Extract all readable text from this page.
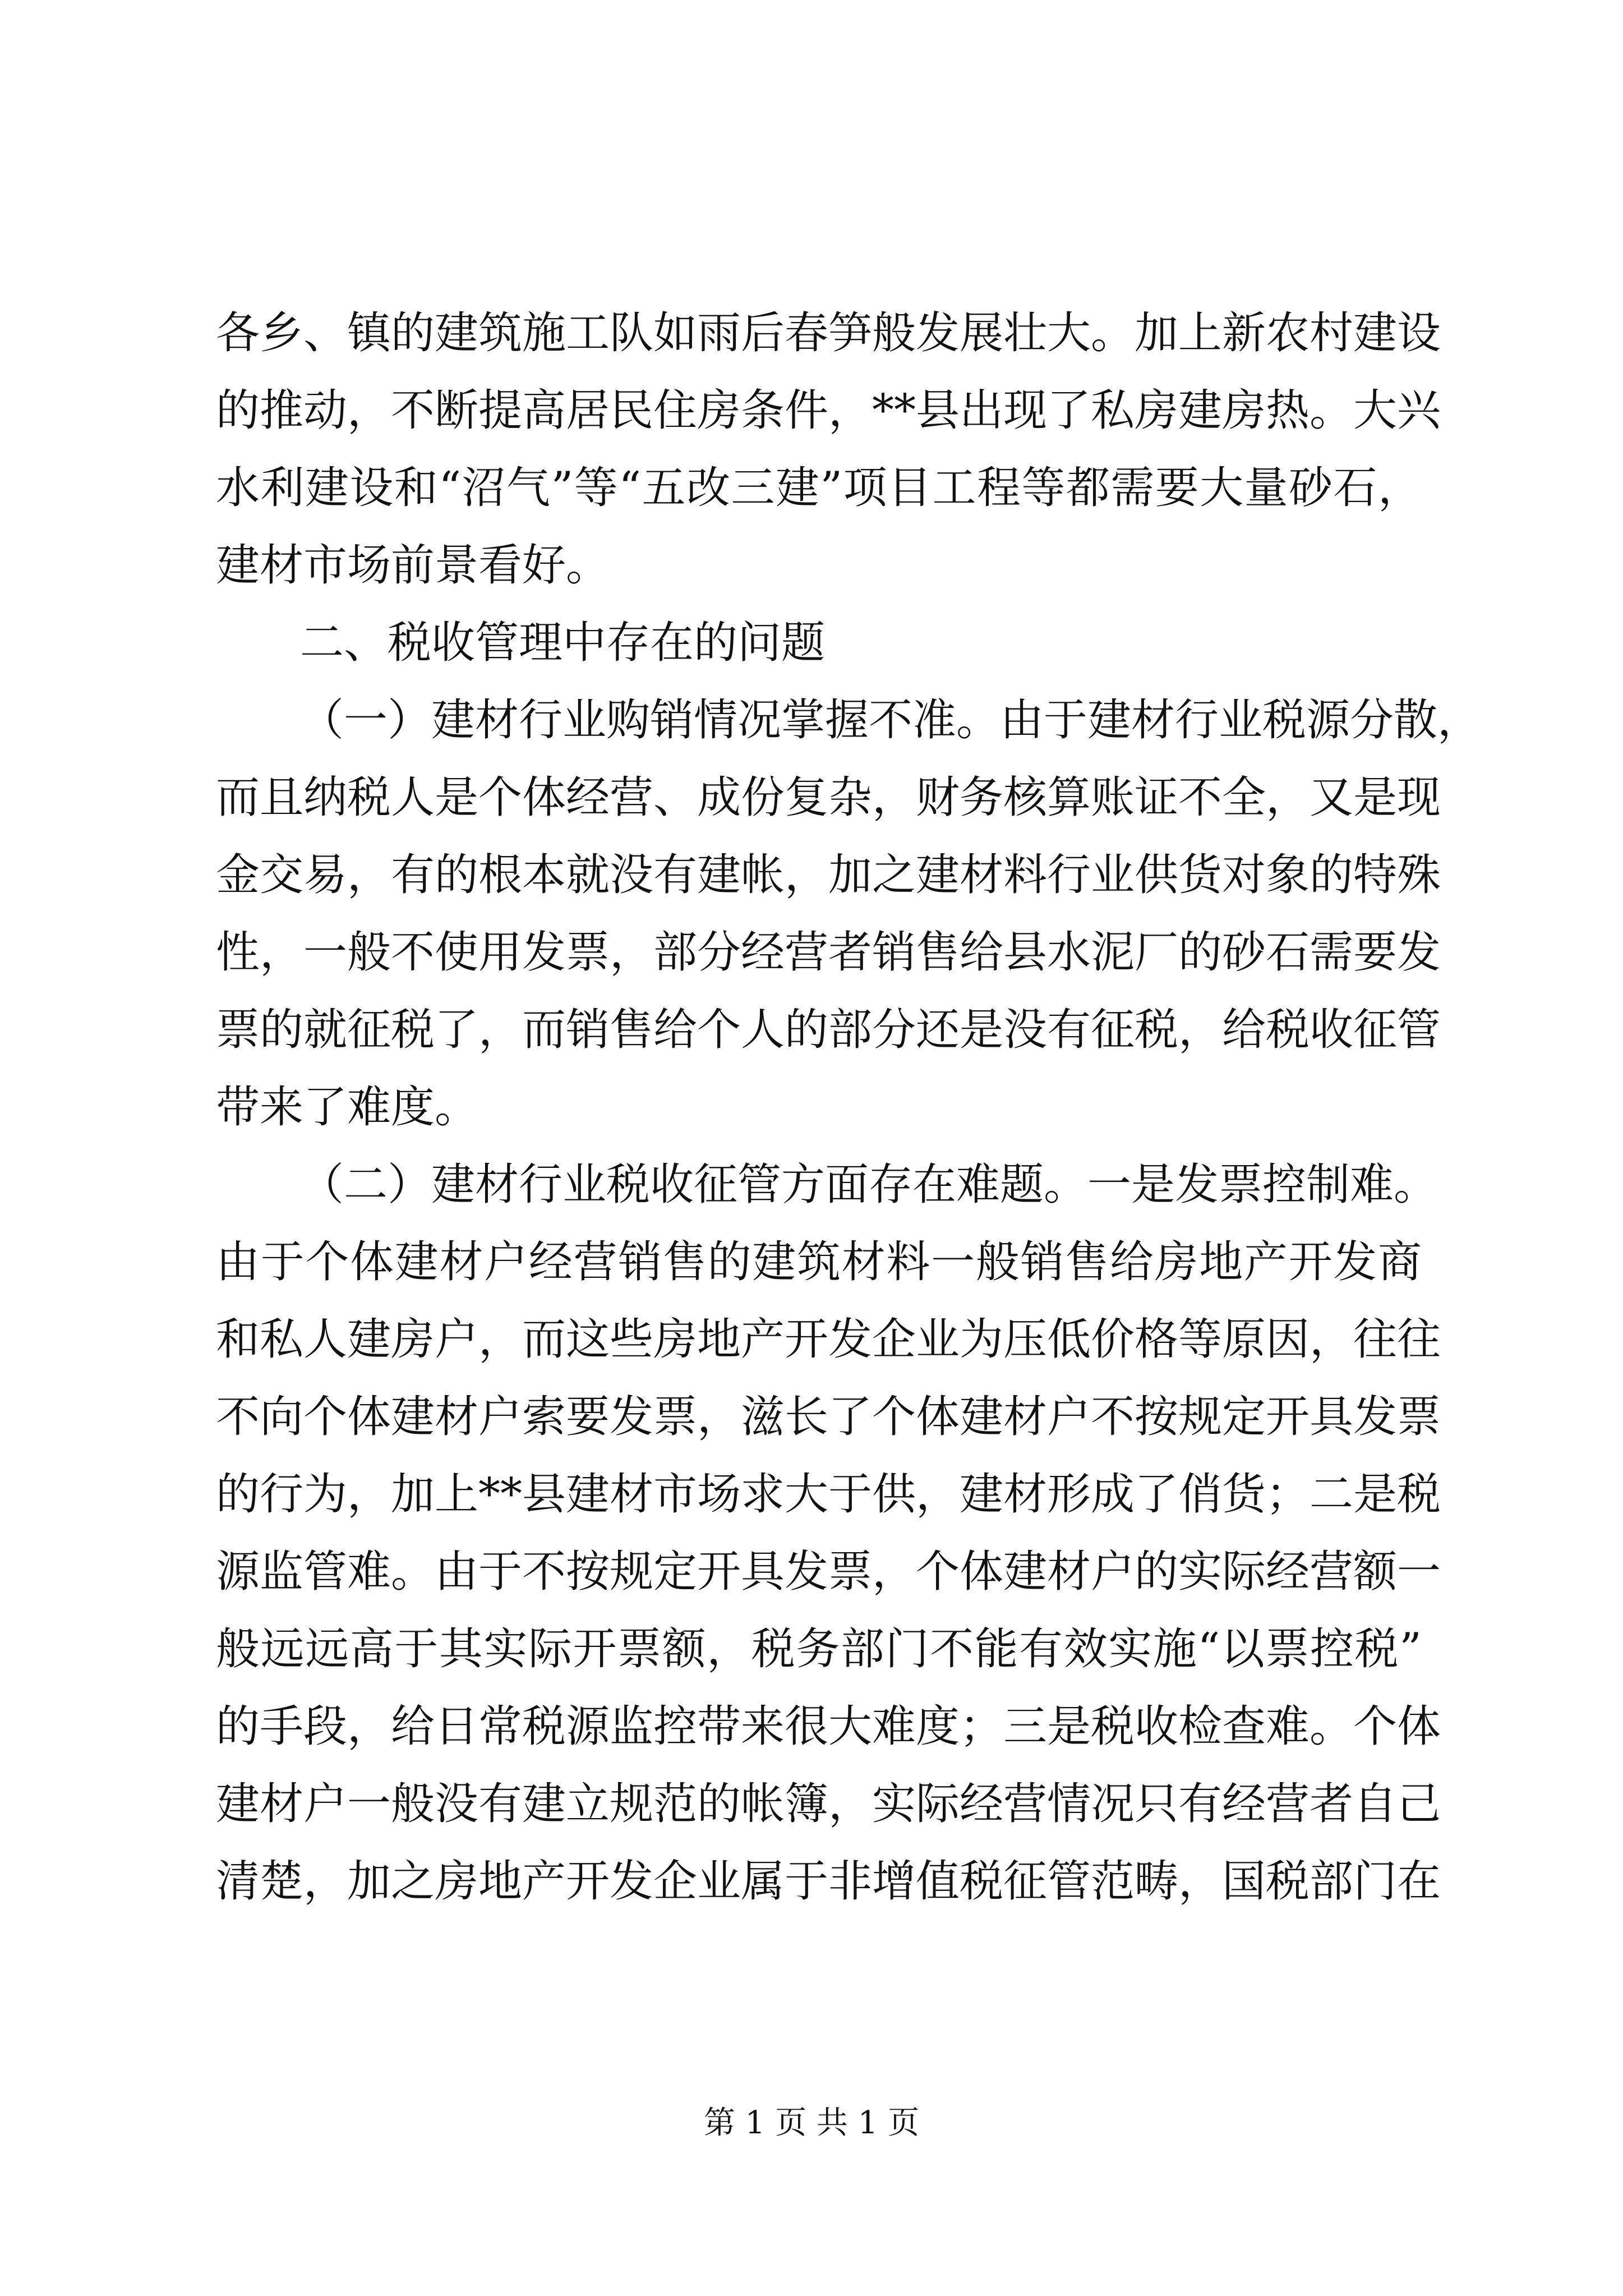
各乡、镇的建筑施工队如雨后春笋般发展壮大。加上新农村建设
的推动，不断提高居民住房条件，**县出现了私房建房热。大兴
水利建设和“沼气”等“五改三建”项目工程等都需要大量砂石，
建材市场前景看好。
二、税收管理中存在的问题
（一）建材行业购销情况掌握不准。由于建材行业税源分散，
而且纳税人是个体经营、成份复杂，财务核算账证不全，又是现
金交易，有的根本就没有建帐，加之建材料行业供货对象的特殊
性，一般不使用发票，部分经营者销售给县水泥厂的砂石需要发
票的就征税了，而销售给个人的部分还是没有征税，给税收征管
带来了难度。
（二）建材行业税收征管方面存在难题。一是发票控制难。
由于个体建材户经营销售的建筑材料一般销售给房地产开发商
和私人建房户，而这些房地产开发企业为压低价格等原因，往往
不向个体建材户索要发票，滋长了个体建材户不按规定开具发票
的行为，加上**县建材市场求大于供，建材形成了俏货；二是税
源监管难。由于不按规定开具发票，个体建材户的实际经营额一
般远远高于其实际开票额，税务部门不能有效实施“以票控税”
的手段，给日常税源监控带来很大难度；三是税收检查难。个体
建材户一般没有建立规范的帐簿，实际经营情况只有经营者自己
清楚，加之房地产开发企业属于非增值税征管范畴，国税部门在
第 1 页 共 1 页
